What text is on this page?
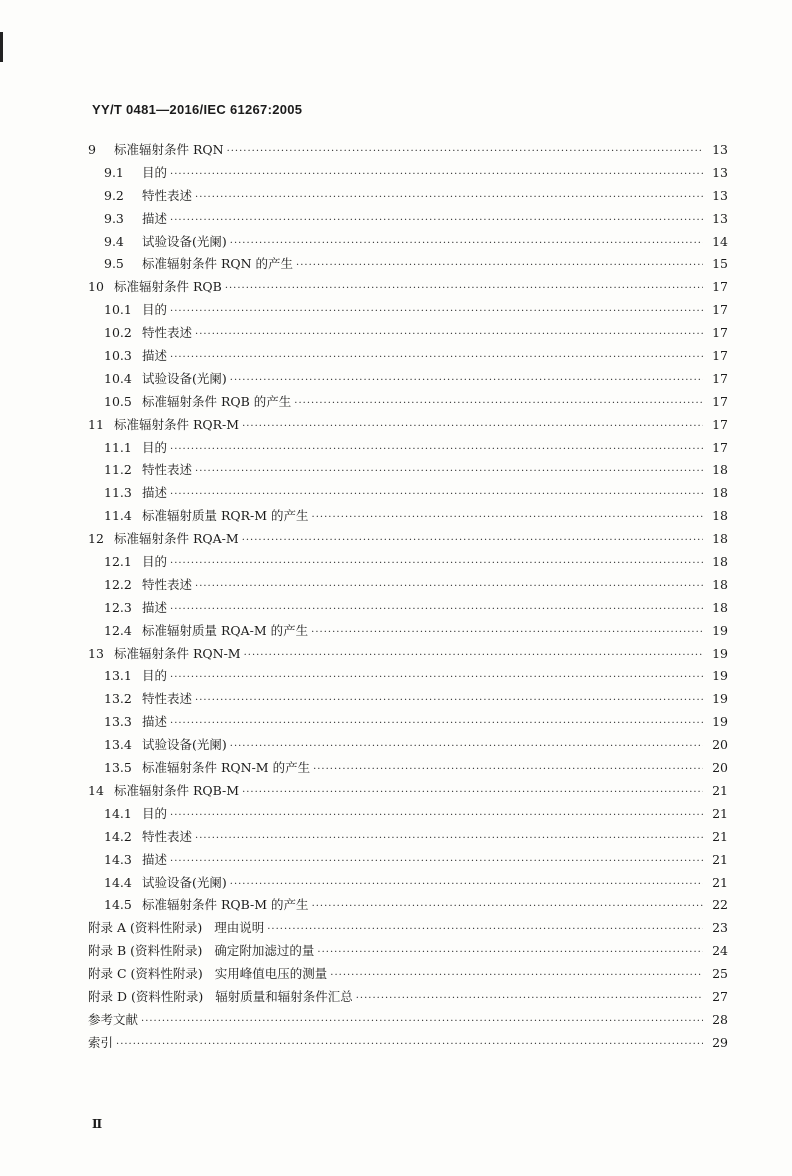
YY/T 0481—2016/IEC 61267:2005
9	标准辐射条件 RQN ·····	13
9.1	目的 ·····	13
9.2	特性表述 ·····	13
9.3	描述 ·····	13
9.4	试验设备(光阑) ·····	14
9.5	标准辐射条件 RQN 的产生 ·····	15
10 标准辐射条件 RQB ·····	17
10.1 目的 ·····	17
10.2 特性表述 ·····	17
10.3 描述 ·····	17
10.4 试验设备(光阑) ·····	17
10.5 标准辐射条件 RQB 的产生 ·····	17
11 标准辐射条件 RQR-M ·····	17
11.1 目的 ·····	17
11.2 特性表述 ·····	18
11.3 描述 ·····	18
11.4 标准辐射质量 RQR-M 的产生 ·····	18
12 标准辐射条件 RQA-M ·····	18
12.1 目的 ·····	18
12.2 特性表述 ·····	18
12.3 描述 ·····	18
12.4 标准辐射质量 RQA-M 的产生 ·····	19
13 标准辐射条件 RQN-M ·····	19
13.1 目的 ·····	19
13.2 特性表述 ·····	19
13.3 描述 ·····	19
13.4 试验设备(光阑) ·····	20
13.5 标准辐射条件 RQN-M 的产生 ·····	20
14 标准辐射条件 RQB-M ·····	21
14.1 目的 ·····	21
14.2 特性表述 ·····	21
14.3 描述 ·····	21
14.4 试验设备(光阑) ·····	21
14.5 标准辐射条件 RQB-M 的产生 ·····	22
附录 A (资料性附录) 理由说明 ·····	23
附录 B (资料性附录) 确定附加滤过的量 ·····	24
附录 C (资料性附录) 实用峰值电压的测量 ·····	25
附录 D (资料性附录) 辐射质量和辐射条件汇总 ·····	27
参考文献 ·····	28
索引 ·····	29
Ⅱ
